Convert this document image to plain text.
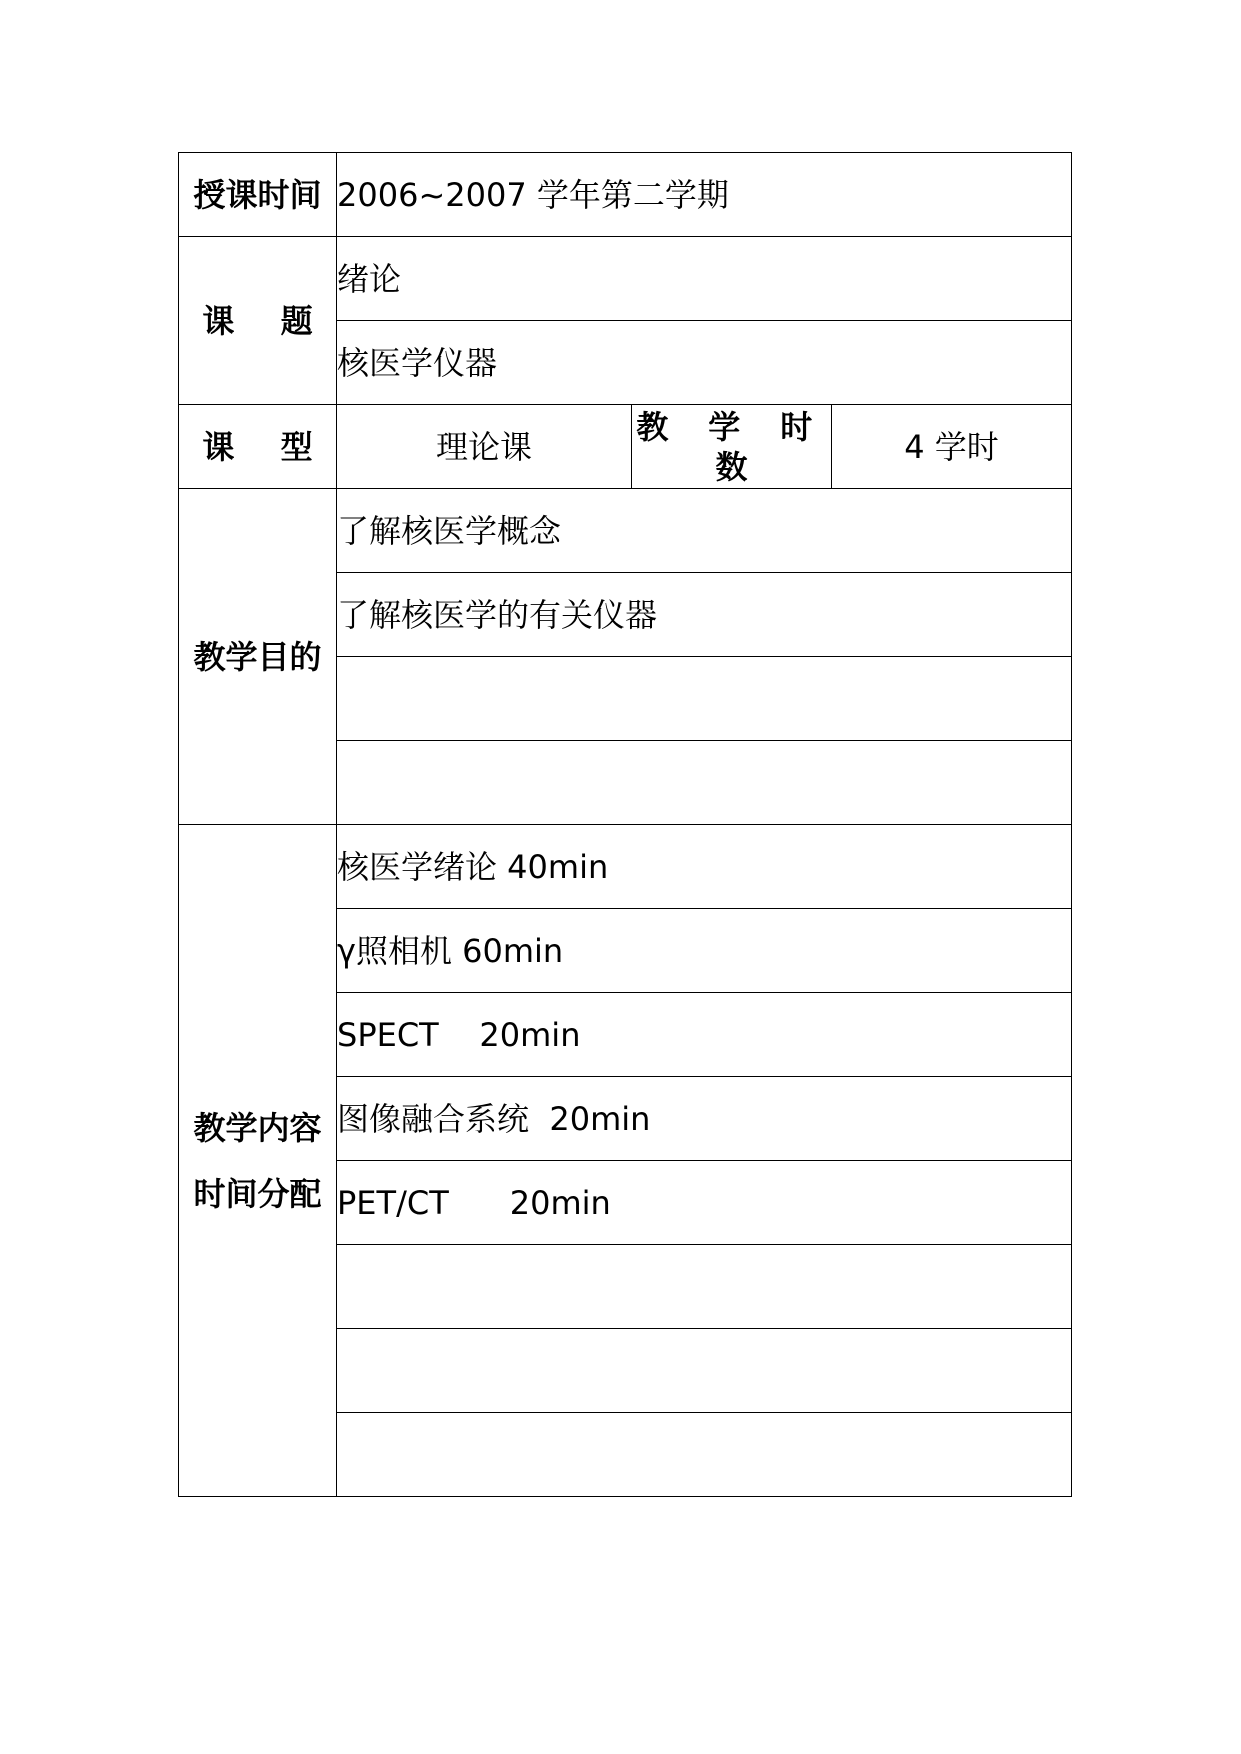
授课时间	2006~2007 学年第二学期		
课 题	绪论		
	核医学仪器		
课 型	理论课	教 学 时 数	4 学时
教学目的	了解核医学概念		
	了解核医学的有关仪器		

教学内容
时间分配	核医学绪论 40min		
	γ照相机 60min		
	SPECT    20min		
	图像融合系统  20min		
	PET/CT      20min		
